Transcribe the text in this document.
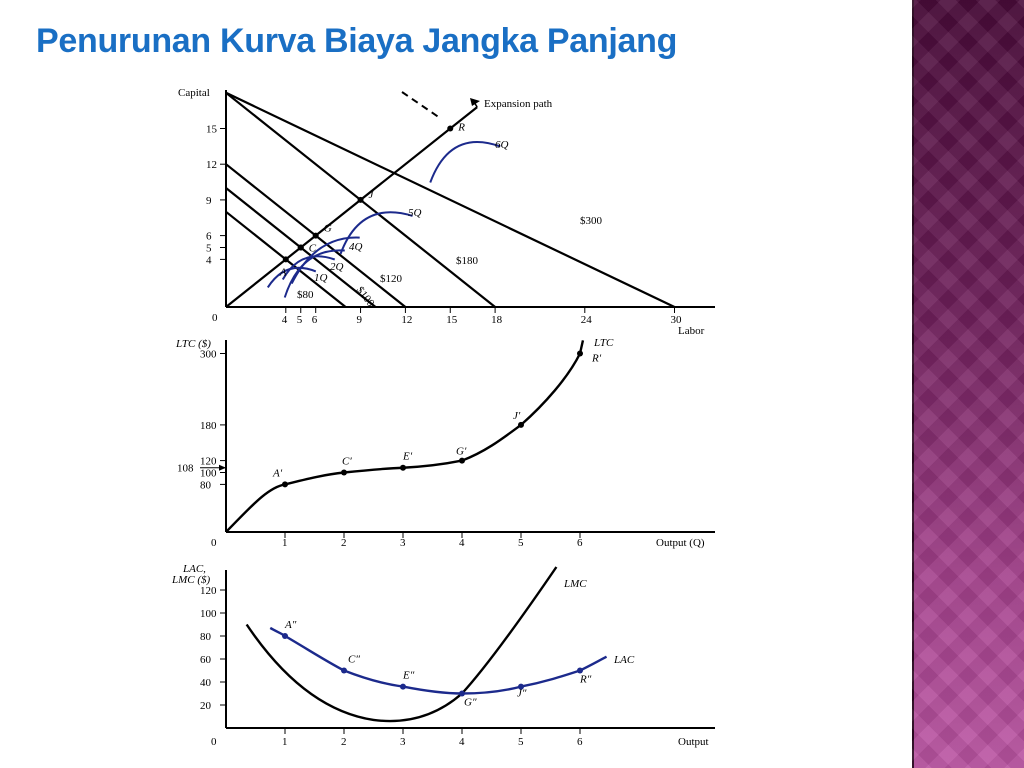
Penurunan Kurva Biaya Jangka Panjang
Capital
Labor
0	4 5 6	9	12	15	18	24	30
4
5
6
9
12
15
$80	$100
$120
$180
$300
Expansion path
A
C
G
J
R
1Q
2Q
4Q
5Q
6Q
LTC ($)
Output (Q)
0	1	2	3	4	5	6
80
100
120
180
300
108	A′
C′	E′	G′
J′
R′
LTC
LAC,
LMC ($)
Output
0	1	2	3	4	5	6
20
40
60
80
100
120
LMC
LAC
A″
C″
E″
G″
J″
R″
